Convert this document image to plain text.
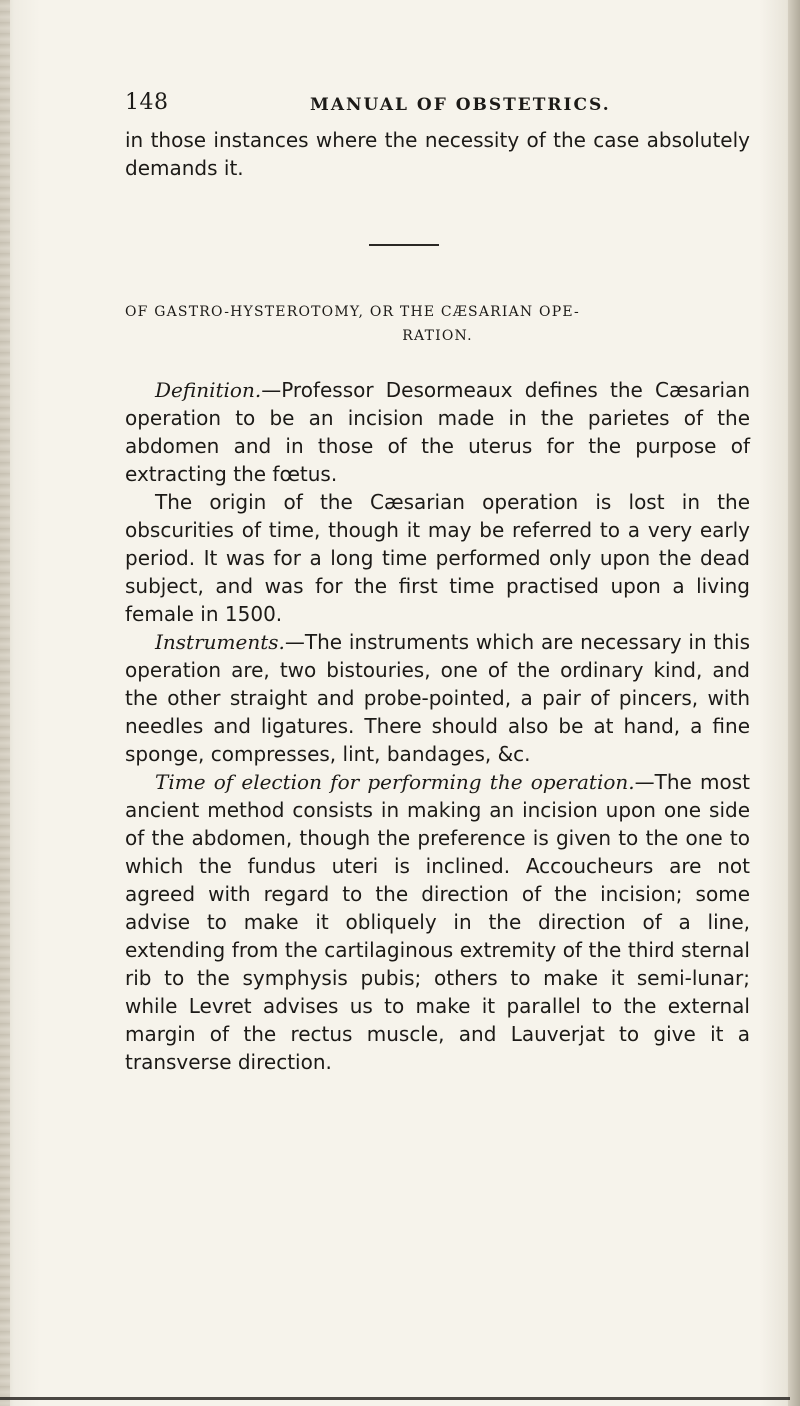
148	MANUAL OF OBSTETRICS.

in those instances where the necessity of the case absolutely demands it.

OF GASTRO-HYSTEROTOMY, OR THE CÆSARIAN OPE-
RATION.

Definition.—Professor Desormeaux defines the Cæsarian operation to be an incision made in the parietes of the abdomen and in those of the uterus for the purpose of extracting the fœtus.

The origin of the Cæsarian operation is lost in the obscurities of time, though it may be referred to a very early period. It was for a long time performed only upon the dead subject, and was for the first time practised upon a living female in 1500.

Instruments.—The instruments which are necessary in this operation are, two bistouries, one of the ordinary kind, and the other straight and probe-pointed, a pair of pincers, with needles and ligatures. There should also be at hand, a fine sponge, compresses, lint, bandages, &c.

Time of election for performing the operation.—The most ancient method consists in making an incision upon one side of the abdomen, though the preference is given to the one to which the fundus uteri is inclined. Accoucheurs are not agreed with regard to the direction of the incision; some advise to make it obliquely in the direction of a line, extending from the cartilaginous extremity of the third sternal rib to the symphysis pubis; others to make it semi-lunar; while Levret advises us to make it parallel to the external margin of the rectus muscle, and Lauverjat to give it a transverse direction.
